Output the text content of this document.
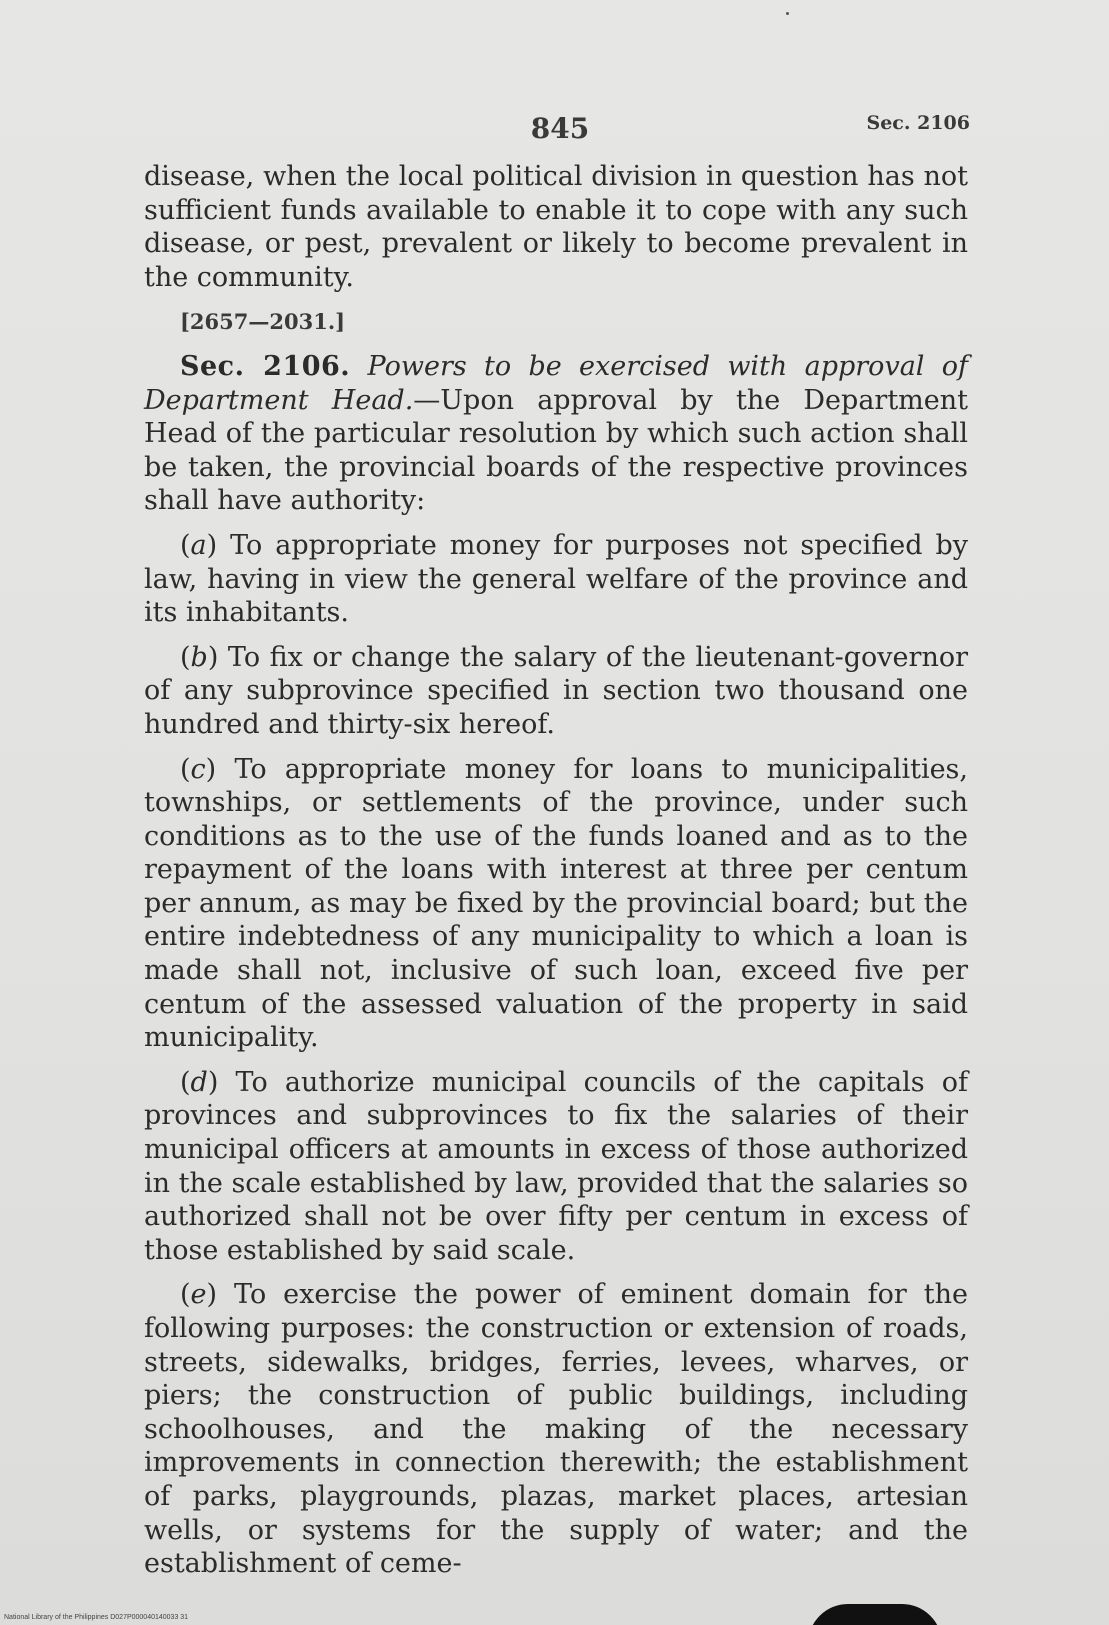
845	Sec. 2106

disease, when the local political division in question has not sufficient funds available to enable it to cope with any such disease, or pest, prevalent or likely to become prevalent in the community.

[2657—2031.]

Sec. 2106. Powers to be exercised with approval of Department Head.—Upon approval by the Department Head of the particular resolution by which such action shall be taken, the provincial boards of the respective provinces shall have authority:

(a) To appropriate money for purposes not specified by law, having in view the general welfare of the province and its inhabitants.

(b) To fix or change the salary of the lieutenant-governor of any subprovince specified in section two thousand one hundred and thirty-six hereof.

(c) To appropriate money for loans to municipalities, townships, or settlements of the province, under such conditions as to the use of the funds loaned and as to the repayment of the loans with interest at three per centum per annum, as may be fixed by the provincial board; but the entire indebtedness of any municipality to which a loan is made shall not, inclusive of such loan, exceed five per centum of the assessed valuation of the property in said municipality.

(d) To authorize municipal councils of the capitals of provinces and subprovinces to fix the salaries of their municipal officers at amounts in excess of those authorized in the scale established by law, provided that the salaries so authorized shall not be over fifty per centum in excess of those established by said scale.

(e) To exercise the power of eminent domain for the following purposes: the construction or extension of roads, streets, sidewalks, bridges, ferries, levees, wharves, or piers; the construction of public buildings, including schoolhouses, and the making of the necessary improvements in connection therewith; the establishment of parks, playgrounds, plazas, market places, artesian wells, or systems for the supply of water; and the establishment of ceme-

National Library of the Philippines D027P000040140033 31
